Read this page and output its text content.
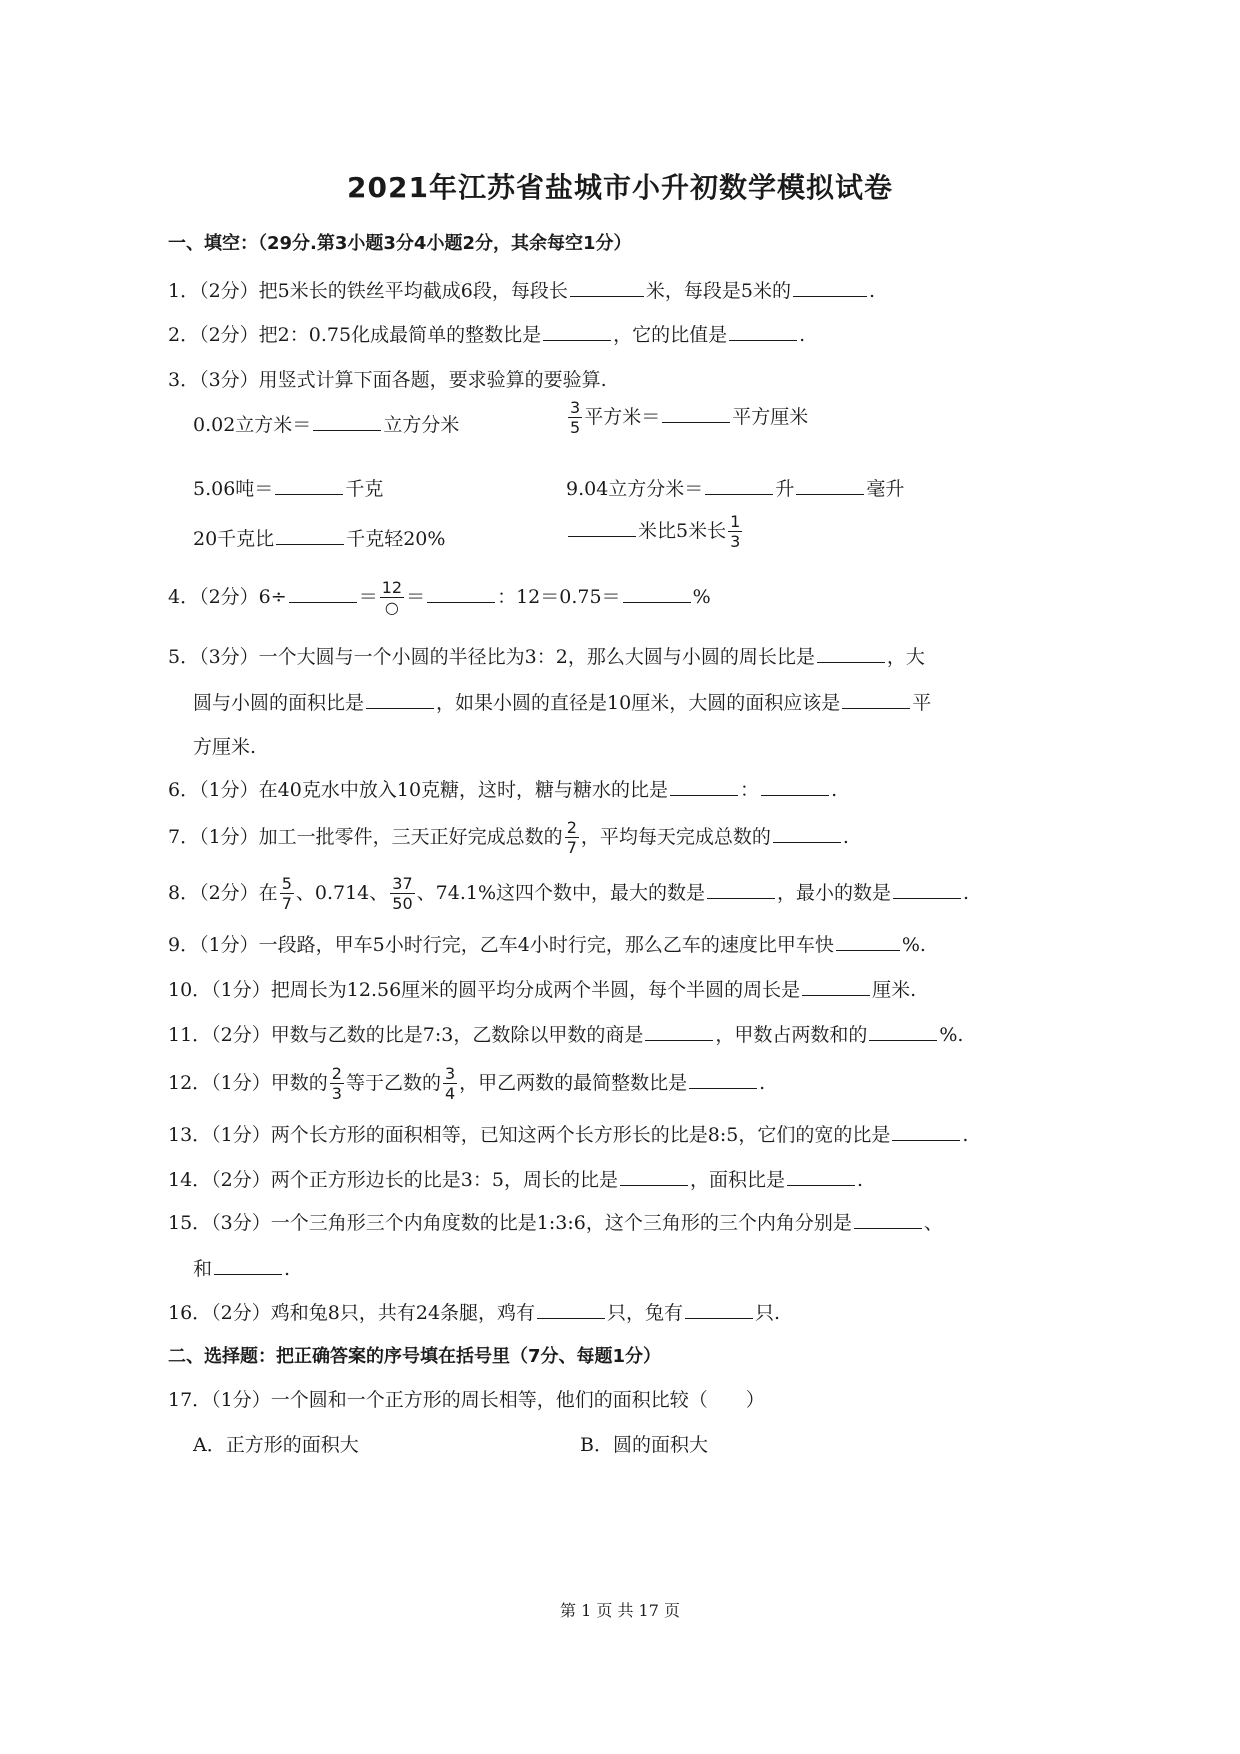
2021年江苏省盐城市小升初数学模拟试卷
一、填空：（29分.第3小题3分4小题2分，其余每空1分）
1．（2分）把5米长的铁丝平均截成6段，每段长	米，每段是5米的	.
2．（2分）把2：0.75化成最简单的整数比是	，它的比值是	.
3．（3分）用竖式计算下面各题，要求验算的要验算.
0.02立方米＝	立方分米	$\frac{3}{5}$ 平方米＝	平方厘米
5.06吨＝	千克	9.04立方分米＝	升	毫升
20千克比	千克轻20%	米比5米长 $\frac{1}{3}$
4．（2分）6÷	＝ $\frac{12}{○}$ ＝	：12＝0.75＝	%
5．（3分）一个大圆与一个小圆的半径比为3：2，那么大圆与小圆的周长比是	，大
圆与小圆的面积比是	，如果小圆的直径是10厘米，大圆的面积应该是	平
方厘米.
6．（1分）在40克水中放入10克糖，这时，糖与糖水的比是	：	.
7．（1分）加工一批零件，三天正好完成总数的 $\frac{2}{7}$ ，平均每天完成总数的	.
8．（2分）在 $\frac{5}{7}$ 、0.714、 $\frac{37}{50}$ 、74.1%这四个数中，最大的数是	，最小的数是	.
9．（1分）一段路，甲车5小时行完，乙车4小时行完，那么乙车的速度比甲车快	%.
10．（1分）把周长为12.56厘米的圆平均分成两个半圆，每个半圆的周长是	厘米.
11．（2分）甲数与乙数的比是7:3，乙数除以甲数的商是	，甲数占两数和的	%.
12．（1分）甲数的 $\frac{2}{3}$ 等于乙数的 $\frac{3}{4}$ ，甲乙两数的最简整数比是	.
13．（1分）两个长方形的面积相等，已知这两个长方形长的比是8:5，它们的宽的比是	.
14．（2分）两个正方形边长的比是3：5，周长的比是	，面积比是	.
15．（3分）一个三角形三个内角度数的比是1:3:6，这个三角形的三个内角分别是	、
和	.
16．（2分）鸡和兔8只，共有24条腿，鸡有	只，兔有	只.
二、选择题：把正确答案的序号填在括号里（7分、每题1分）
17．（1分）一个圆和一个正方形的周长相等，他们的面积比较（　　）
A．正方形的面积大	B．圆的面积大
第 1 页 共 17 页
